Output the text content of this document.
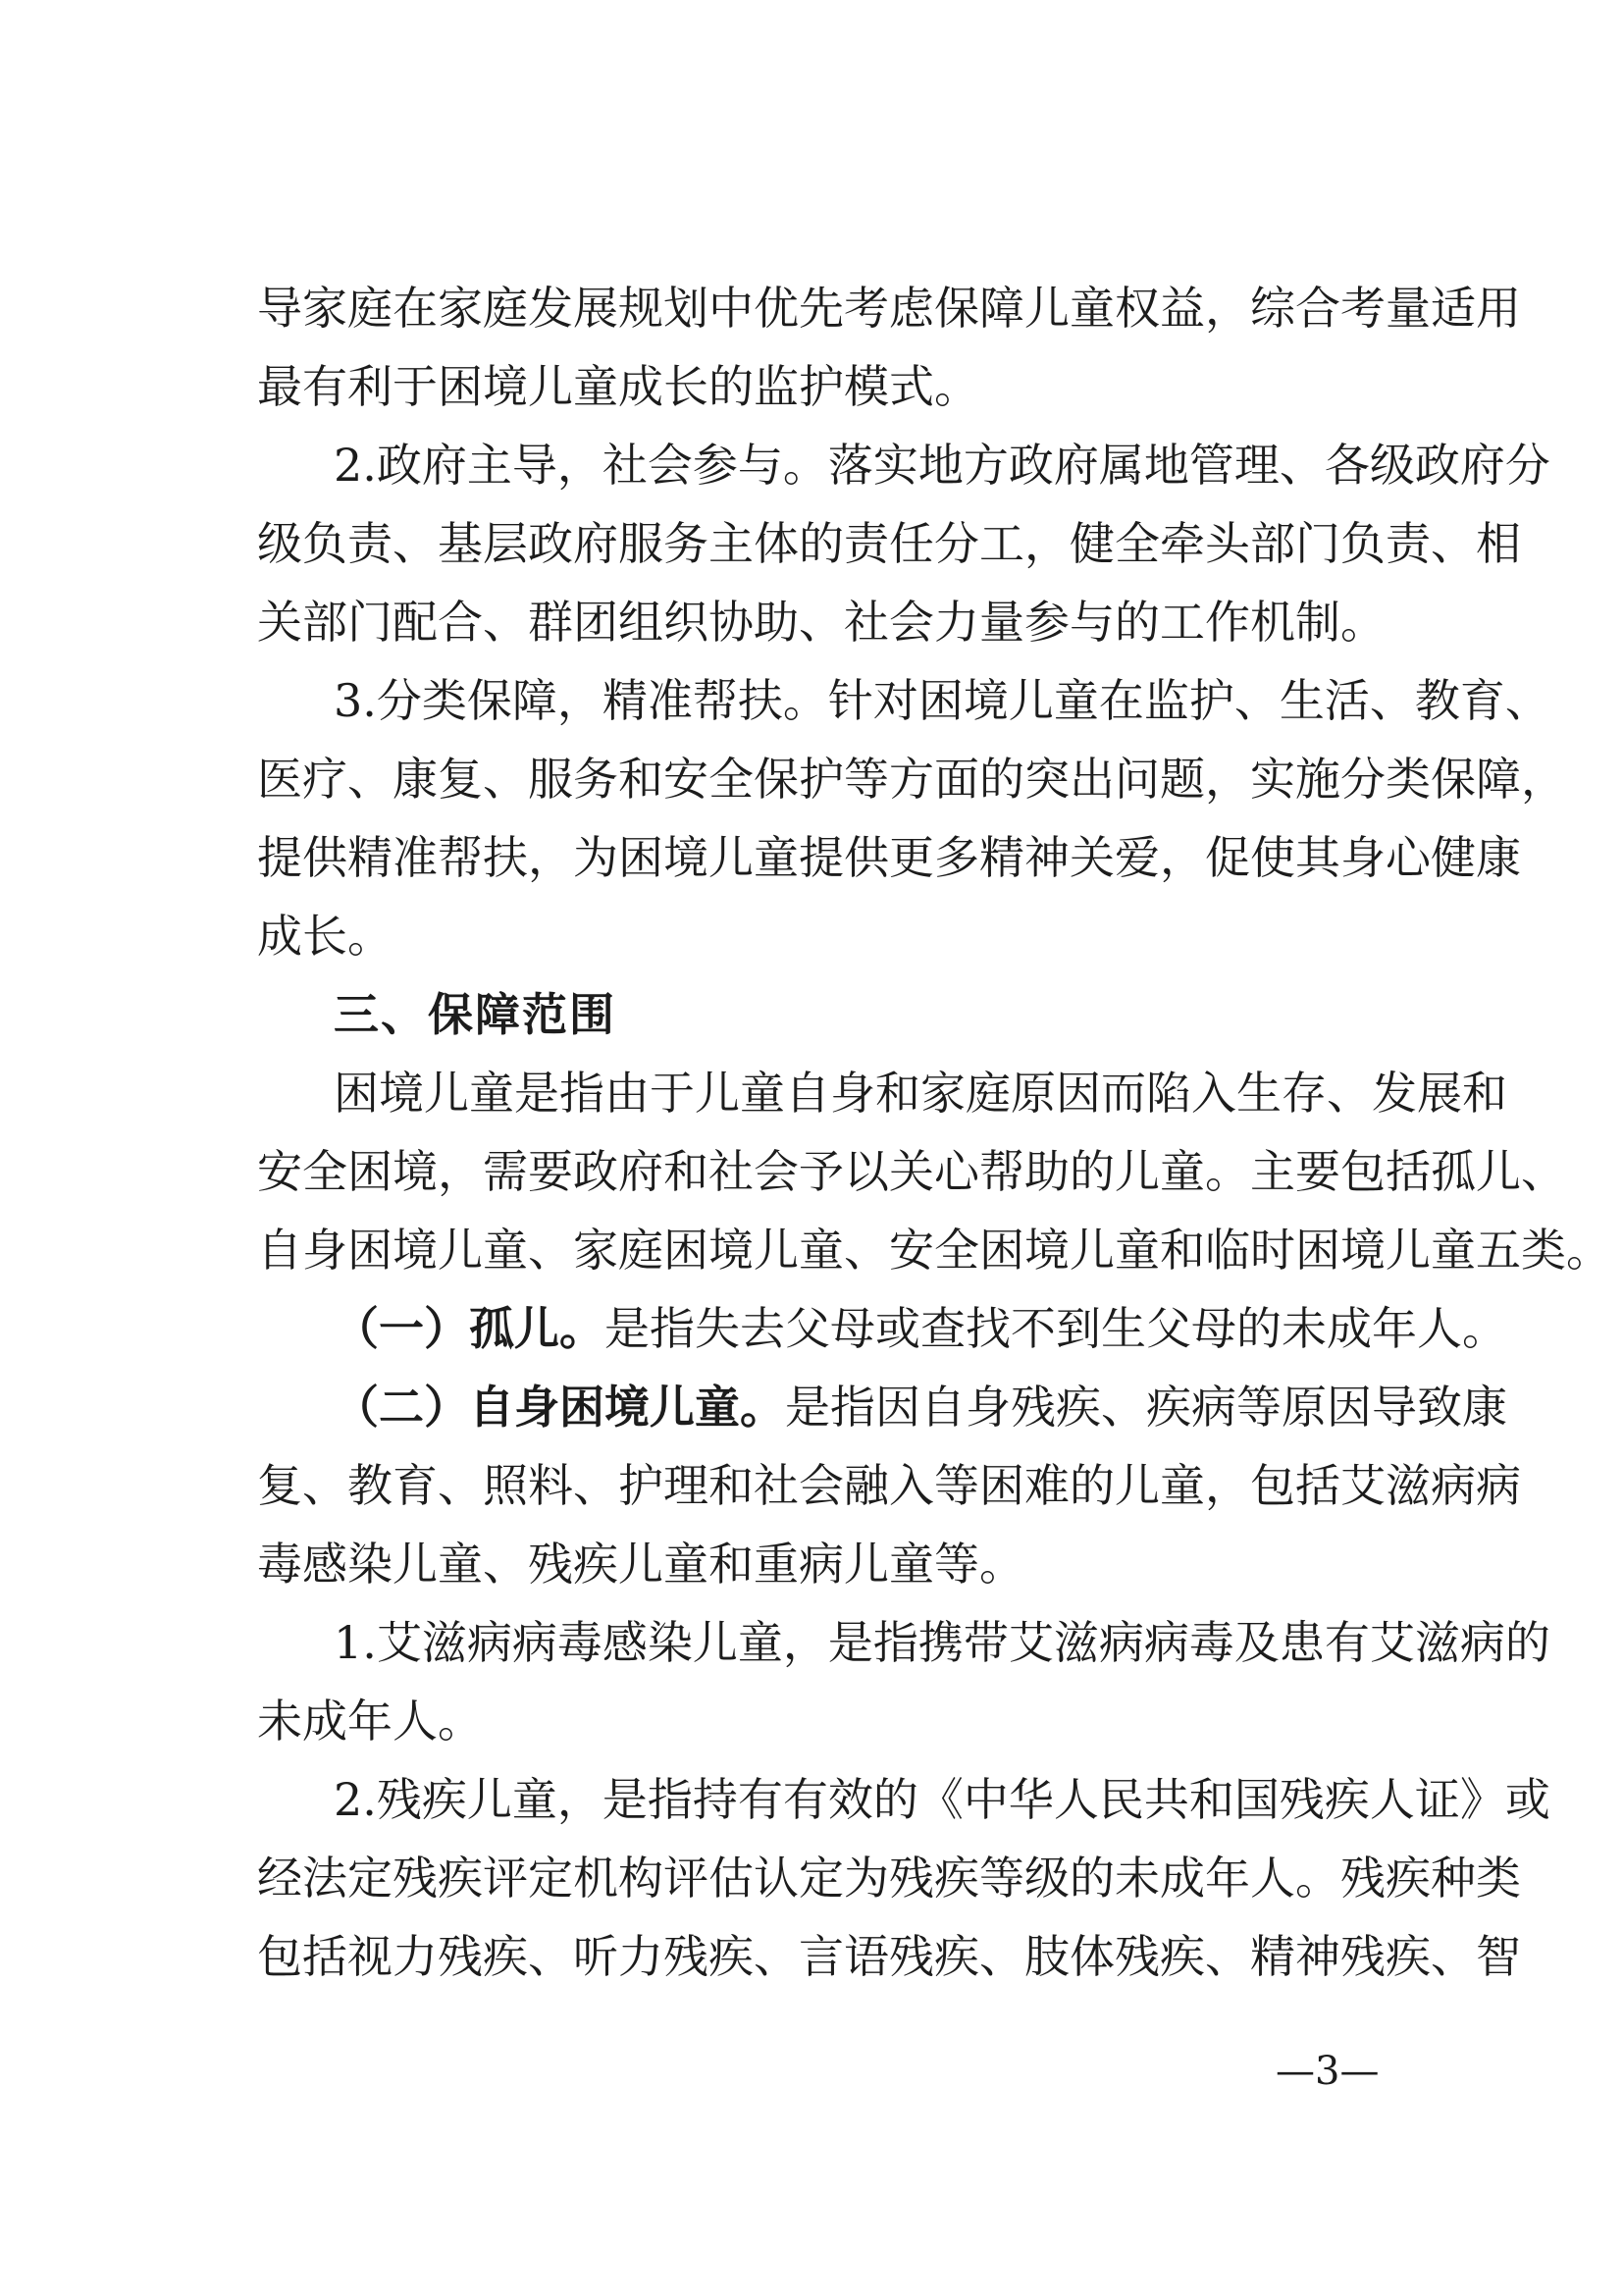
导家庭在家庭发展规划中优先考虑保障儿童权益，综合考量适用
最有利于困境儿童成长的监护模式。
2.政府主导，社会参与。落实地方政府属地管理、各级政府分
级负责、基层政府服务主体的责任分工，健全牵头部门负责、相
关部门配合、群团组织协助、社会力量参与的工作机制。
3.分类保障，精准帮扶。针对困境儿童在监护、生活、教育、
医疗、康复、服务和安全保护等方面的突出问题，实施分类保障，
提供精准帮扶，为困境儿童提供更多精神关爱，促使其身心健康
成长。
三、保障范围
困境儿童是指由于儿童自身和家庭原因而陷入生存、发展和
安全困境，需要政府和社会予以关心帮助的儿童。主要包括孤儿、
自身困境儿童、家庭困境儿童、安全困境儿童和临时困境儿童五类。
（一）孤儿。是指失去父母或查找不到生父母的未成年人。
（二）自身困境儿童。是指因自身残疾、疾病等原因导致康
复、教育、照料、护理和社会融入等困难的儿童，包括艾滋病病
毒感染儿童、残疾儿童和重病儿童等。
1.艾滋病病毒感染儿童，是指携带艾滋病病毒及患有艾滋病的
未成年人。
2.残疾儿童，是指持有有效的《中华人民共和国残疾人证》或
经法定残疾评定机构评估认定为残疾等级的未成年人。残疾种类
包括视力残疾、听力残疾、言语残疾、肢体残疾、精神残疾、智
—3—
